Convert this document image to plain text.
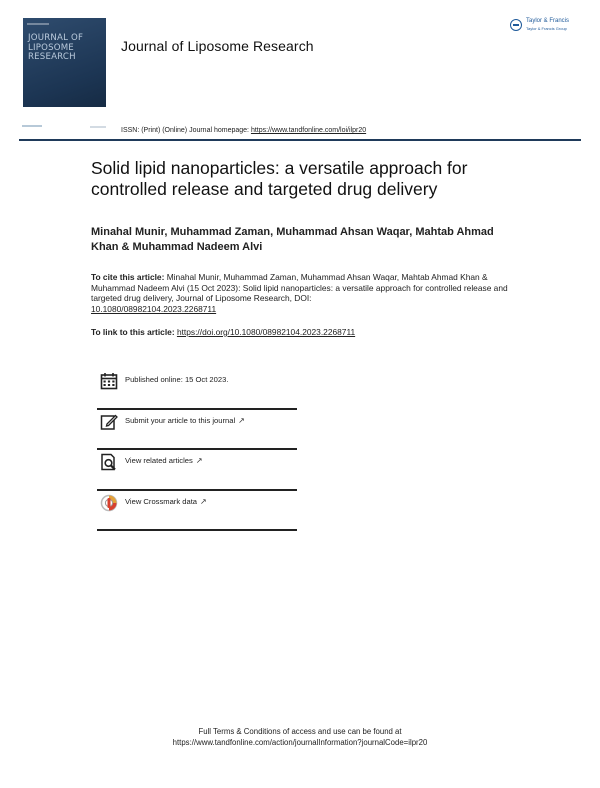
JOURNAL OF LIPOSOME RESEARCH
Journal of Liposome Research
Taylor & Francis
Taylor & Francis Group
ISSN: (Print) (Online) Journal homepage: https://www.tandfonline.com/loi/ilpr20
Solid lipid nanoparticles: a versatile approach for controlled release and targeted drug delivery
Minahal Munir, Muhammad Zaman, Muhammad Ahsan Waqar, Mahtab Ahmad Khan & Muhammad Nadeem Alvi
To cite this article: Minahal Munir, Muhammad Zaman, Muhammad Ahsan Waqar, Mahtab Ahmad Khan & Muhammad Nadeem Alvi (15 Oct 2023): Solid lipid nanoparticles: a versatile approach for controlled release and targeted drug delivery, Journal of Liposome Research, DOI:
10.1080/08982104.2023.2268711
To link to this article: https://doi.org/10.1080/08982104.2023.2268711
Published online: 15 Oct 2023.
Submit your article to this journal ↗
View related articles ↗
View Crossmark data ↗
Full Terms & Conditions of access and use can be found at
https://www.tandfonline.com/action/journalInformation?journalCode=ilpr20
